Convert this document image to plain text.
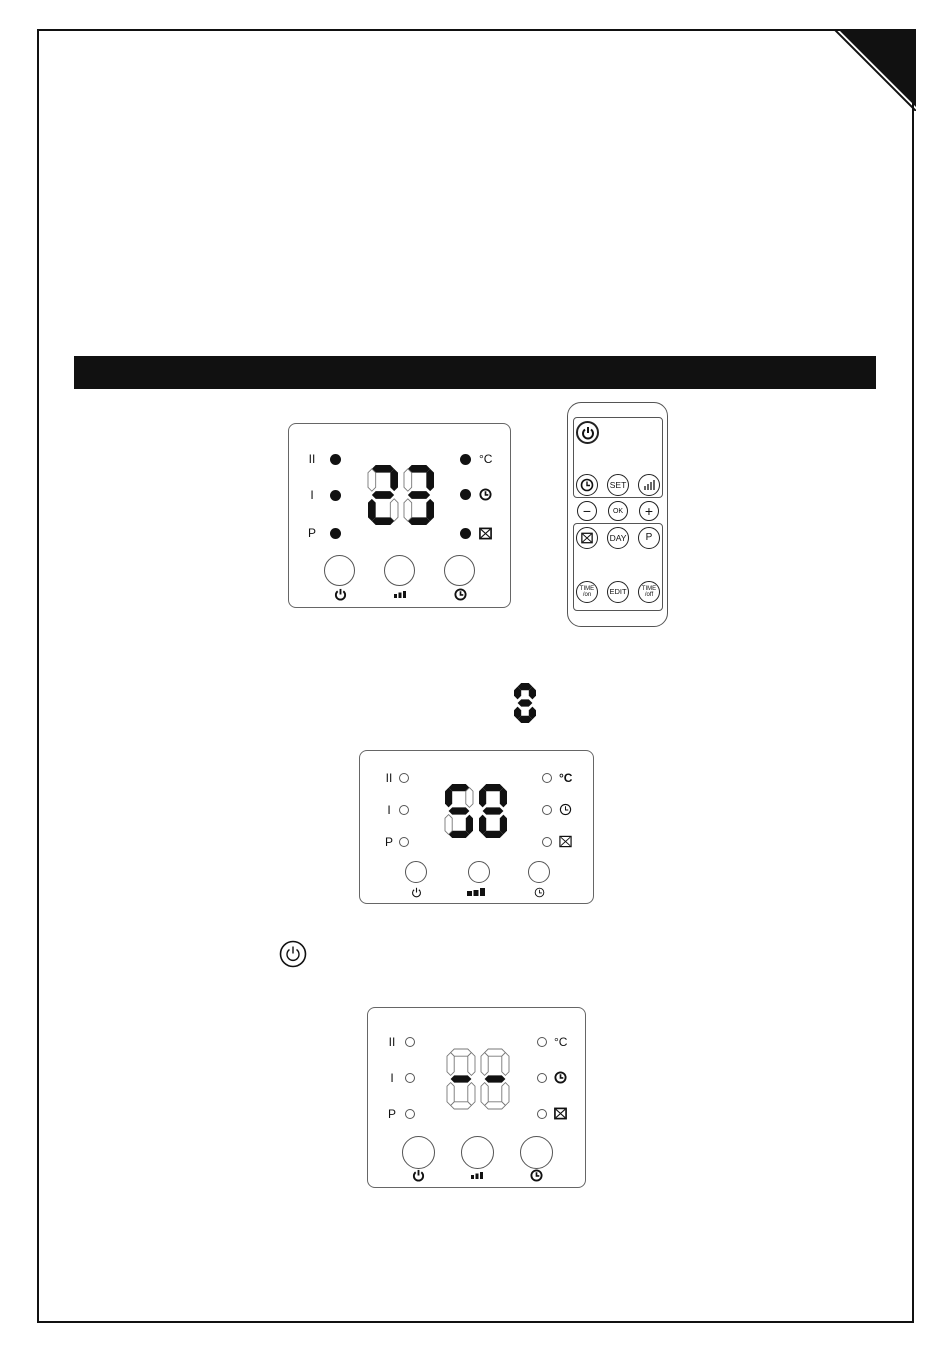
II
I
P
°C
SET
−	OK	+
DAY	P
TIME /on	EDIT	TIME /off
II
I
P
°C
II
I
P
°C
